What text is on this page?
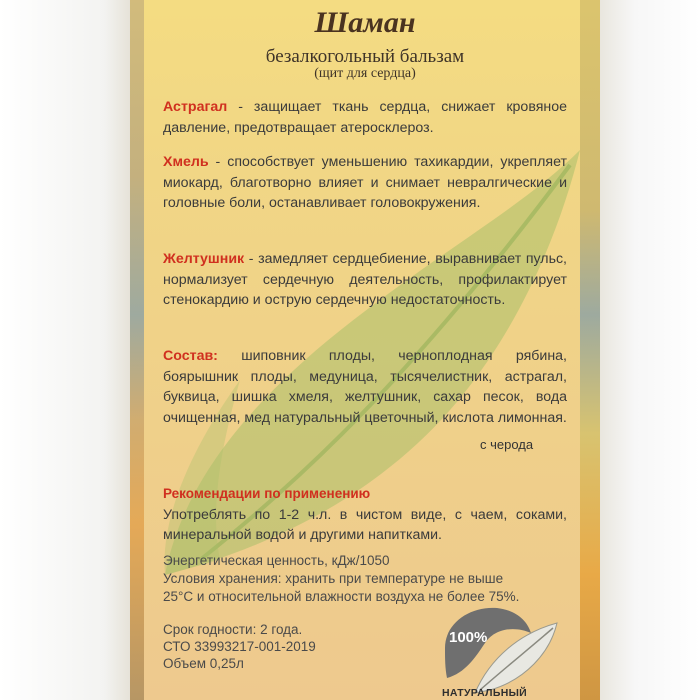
Шаман
безалкогольный бальзам
(щит для сердца)
Астрагал - защищает ткань сердца, снижает кровяное давление, предотвращает атеросклероз.
Хмель - способствует уменьшению тахикардии, укрепляет миокард, благотворно влияет и снимает невралгические и головные боли, останавливает головокружения.
Желтушник - замедляет сердцебиение, выравнивает пульс, нормализует сердечную деятельность, профилактирует стенокардию и острую сердечную недостаточность.
Состав: шиповник плоды, черноплодная рябина, боярышник плоды, медуница, тысячелистник, астрагал, буквица, шишка хмеля, желтушник, сахар песок, вода очищенная, мед натуральный цветочный, кислота лимонная.
с черода
Рекомендации по применению
Употреблять по 1-2 ч.л. в чистом виде, с чаем, соками, минеральной водой и другими напитками.
Энергетическая ценность, кДж/1050
Условия хранения: хранить при температуре не выше
25°С и относительной влажности воздуха не более 75%.
Срок годности: 2 года.
СТО 33993217-001-2019
Объем 0,25л
100%
НАТУРАЛЬНЫЙ
